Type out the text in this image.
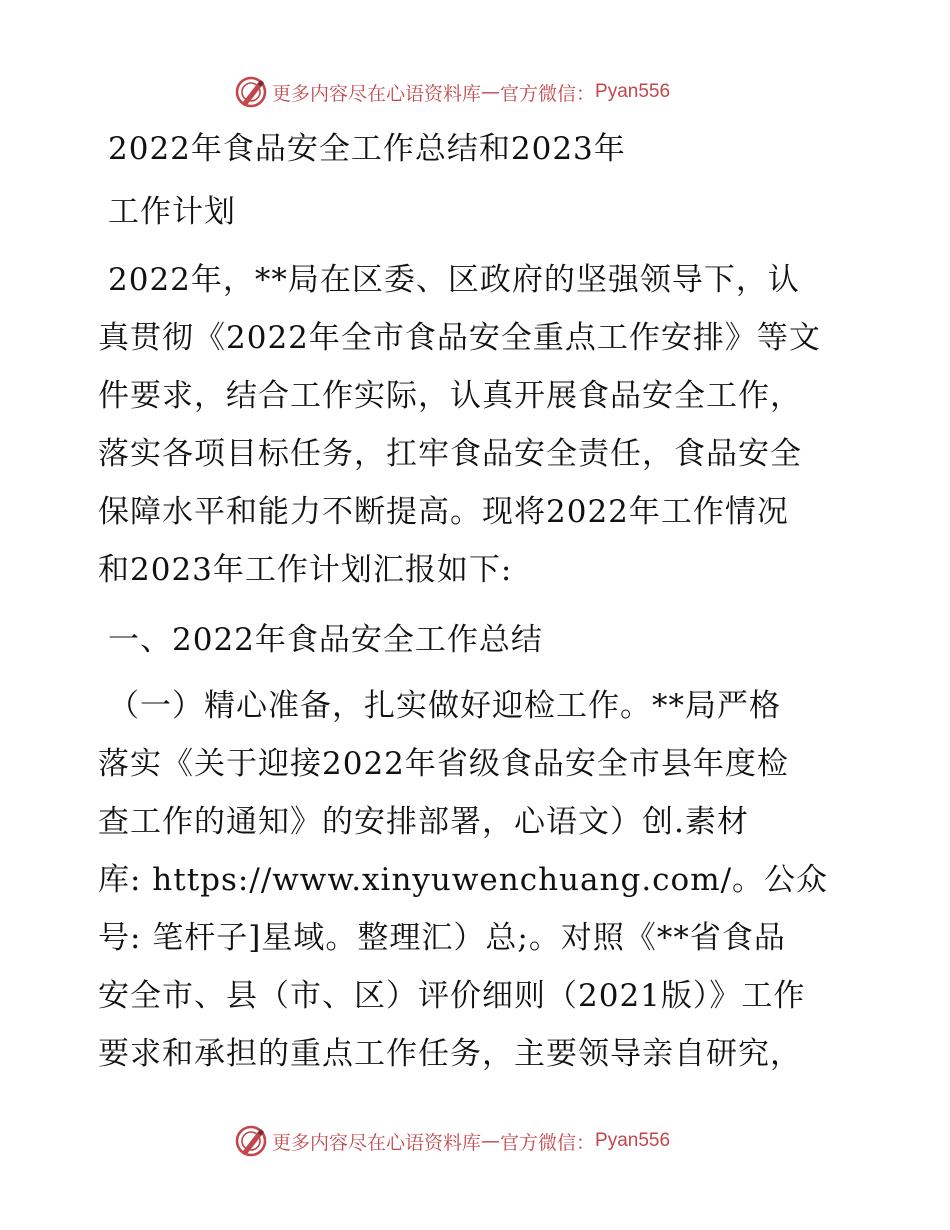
更多内容尽在心语资料库 — 官方微信： Pyan556
2022年食品安全工作总结和2023年
工作计划
2022年，**局在区委、区政府的坚强领导下，认
真贯彻《2022年全市食品安全重点工作安排》等文
件要求，结合工作实际，认真开展食品安全工作，
落实各项目标任务，扛牢食品安全责任，食品安全
保障水平和能力不断提高。现将2022年工作情况
和2023年工作计划汇报如下:
一、2022年食品安全工作总结
（一）精心准备，扎实做好迎检工作。**局严格
落实《关于迎接2022年省级食品安全市县年度检
查工作的通知》的安排部署，心语文）创.素材
库: https://www.xinyuwenchuang.com/。公众
号: 笔杆子]星域。整理汇）总;。对照《**省食品
安全市、县（市、区）评价细则（2021版）》工作
要求和承担的重点工作任务，主要领导亲自研究，
更多内容尽在心语资料库 — 官方微信： Pyan556
